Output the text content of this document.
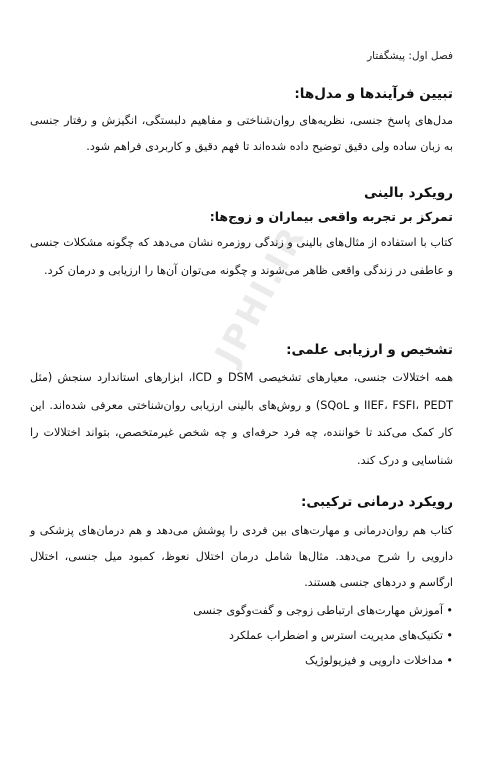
فصل اول: پیشگفتار

تبیین فرآیندها و مدل‌ها:

مدل‌های پاسخ جنسی، نظریه‌های روان‌شناختی و مفاهیم دلبستگی، انگیزش و رفتار جنسی به زبان ساده ولی دقیق توضیح داده شده‌اند تا فهم دقیق و کاربردی فراهم شود.

رویکرد بالینی

تمرکز بر تجربه واقعی بیماران و زوج‌ها:

کتاب با استفاده از مثال‌های بالینی و زندگی روزمره نشان می‌دهد که چگونه مشکلات جنسی و عاطفی در زندگی واقعی ظاهر می‌شوند و چگونه می‌توان آن‌ها را ارزیابی و درمان کرد.

تشخیص و ارزیابی علمی:

همه اختلالات جنسی، معیارهای تشخیصی DSM و ICD، ابزارهای استاندارد سنجش (مثل IIEF، FSFI، PEDT و SQoL) و روش‌های بالینی ارزیابی روان‌شناختی معرفی شده‌اند. این کار کمک می‌کند تا خواننده، چه فرد حرفه‌ای و چه شخص غیرمتخصص، بتواند اختلالات را شناسایی و درک کند.

رویکرد درمانی ترکیبی:

کتاب هم روان‌درمانی و مهارت‌های بین فردی را پوشش می‌دهد و هم درمان‌های پزشکی و دارویی را شرح می‌دهد. مثال‌ها شامل درمان اختلال نعوظ، کمبود میل جنسی، اختلال ارگاسم و دردهای جنسی هستند.

• آموزش مهارت‌های ارتباطی زوجی و گفت‌وگوی جنسی
• تکنیک‌های مدیریت استرس و اضطراب عملکرد
• مداخلات دارویی و فیزیولوژیک
JPHI.IR
